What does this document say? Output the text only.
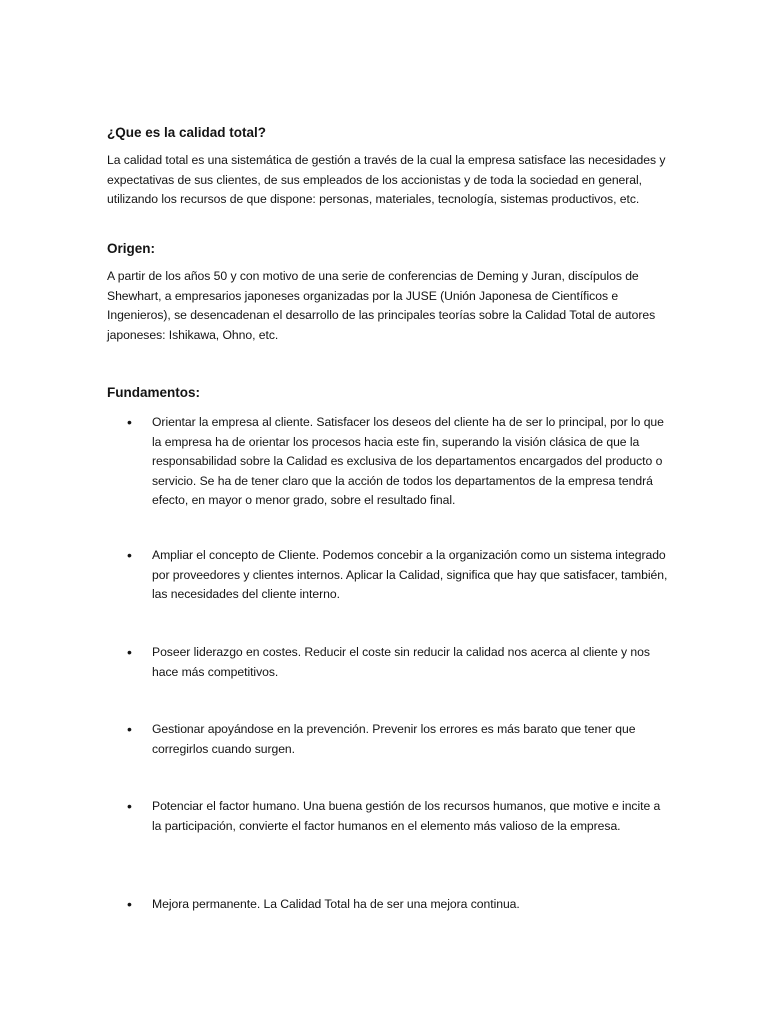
¿Que es la calidad total?
La calidad total es una sistemática de gestión a través de la cual la empresa satisface las necesidades y expectativas de sus clientes, de sus empleados de los accionistas y de toda la sociedad en general, utilizando los recursos de que dispone: personas, materiales, tecnología, sistemas productivos, etc.
Origen:
A partir de los años 50 y con motivo de una serie de conferencias de Deming y Juran, discípulos de Shewhart, a empresarios japoneses organizadas por la JUSE (Unión Japonesa de Científicos e Ingenieros), se desencadenan el desarrollo de las principales teorías sobre la Calidad Total de autores japoneses: Ishikawa, Ohno, etc.
Fundamentos:
• Orientar la empresa al cliente. Satisfacer los deseos del cliente ha de ser lo principal, por lo que la empresa ha de orientar los procesos hacia este fin, superando la visión clásica de que la responsabilidad sobre la Calidad es exclusiva de los departamentos encargados del producto o servicio. Se ha de tener claro que la acción de todos los departamentos de la empresa tendrá efecto, en mayor o menor grado, sobre el resultado final.
• Ampliar el concepto de Cliente. Podemos concebir a la organización como un sistema integrado por proveedores y clientes internos. Aplicar la Calidad, significa que hay que satisfacer, también, las necesidades del cliente interno.
• Poseer liderazgo en costes. Reducir el coste sin reducir la calidad nos acerca al cliente y nos hace más competitivos.
• Gestionar apoyándose en la prevención. Prevenir los errores es más barato que tener que corregirlos cuando surgen.
• Potenciar el factor humano. Una buena gestión de los recursos humanos, que motive e incite a la participación, convierte el factor humanos en el elemento más valioso de la empresa.
• Mejora permanente. La Calidad Total ha de ser una mejora continua.
